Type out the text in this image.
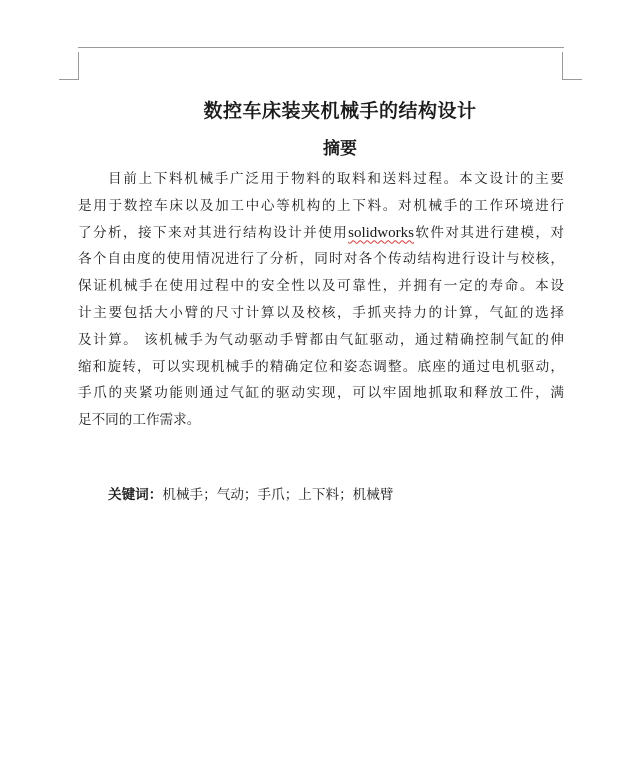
数控车床装夹机械手的结构设计
摘要
目前上下料机械手广泛用于物料的取料和送料过程。本文设计的主要
是用于数控车床以及加工中心等机构的上下料。对机械手的工作环境进行
了分析，接下来对其进行结构设计并使用solidworks软件对其进行建模，对
各个自由度的使用情况进行了分析，同时对各个传动结构进行设计与校核，
保证机械手在使用过程中的安全性以及可靠性，并拥有一定的寿命。本设
计主要包括大小臂的尺寸计算以及校核，手抓夹持力的计算，气缸的选择
及计算。 该机械手为气动驱动手臂都由气缸驱动，通过精确控制气缸的伸
缩和旋转，可以实现机械手的精确定位和姿态调整。底座的通过电机驱动，
手爪的夹紧功能则通过气缸的驱动实现，可以牢固地抓取和释放工件，满
足不同的工作需求。
关键词：机械手；气动；手爪；上下料；机械臂
